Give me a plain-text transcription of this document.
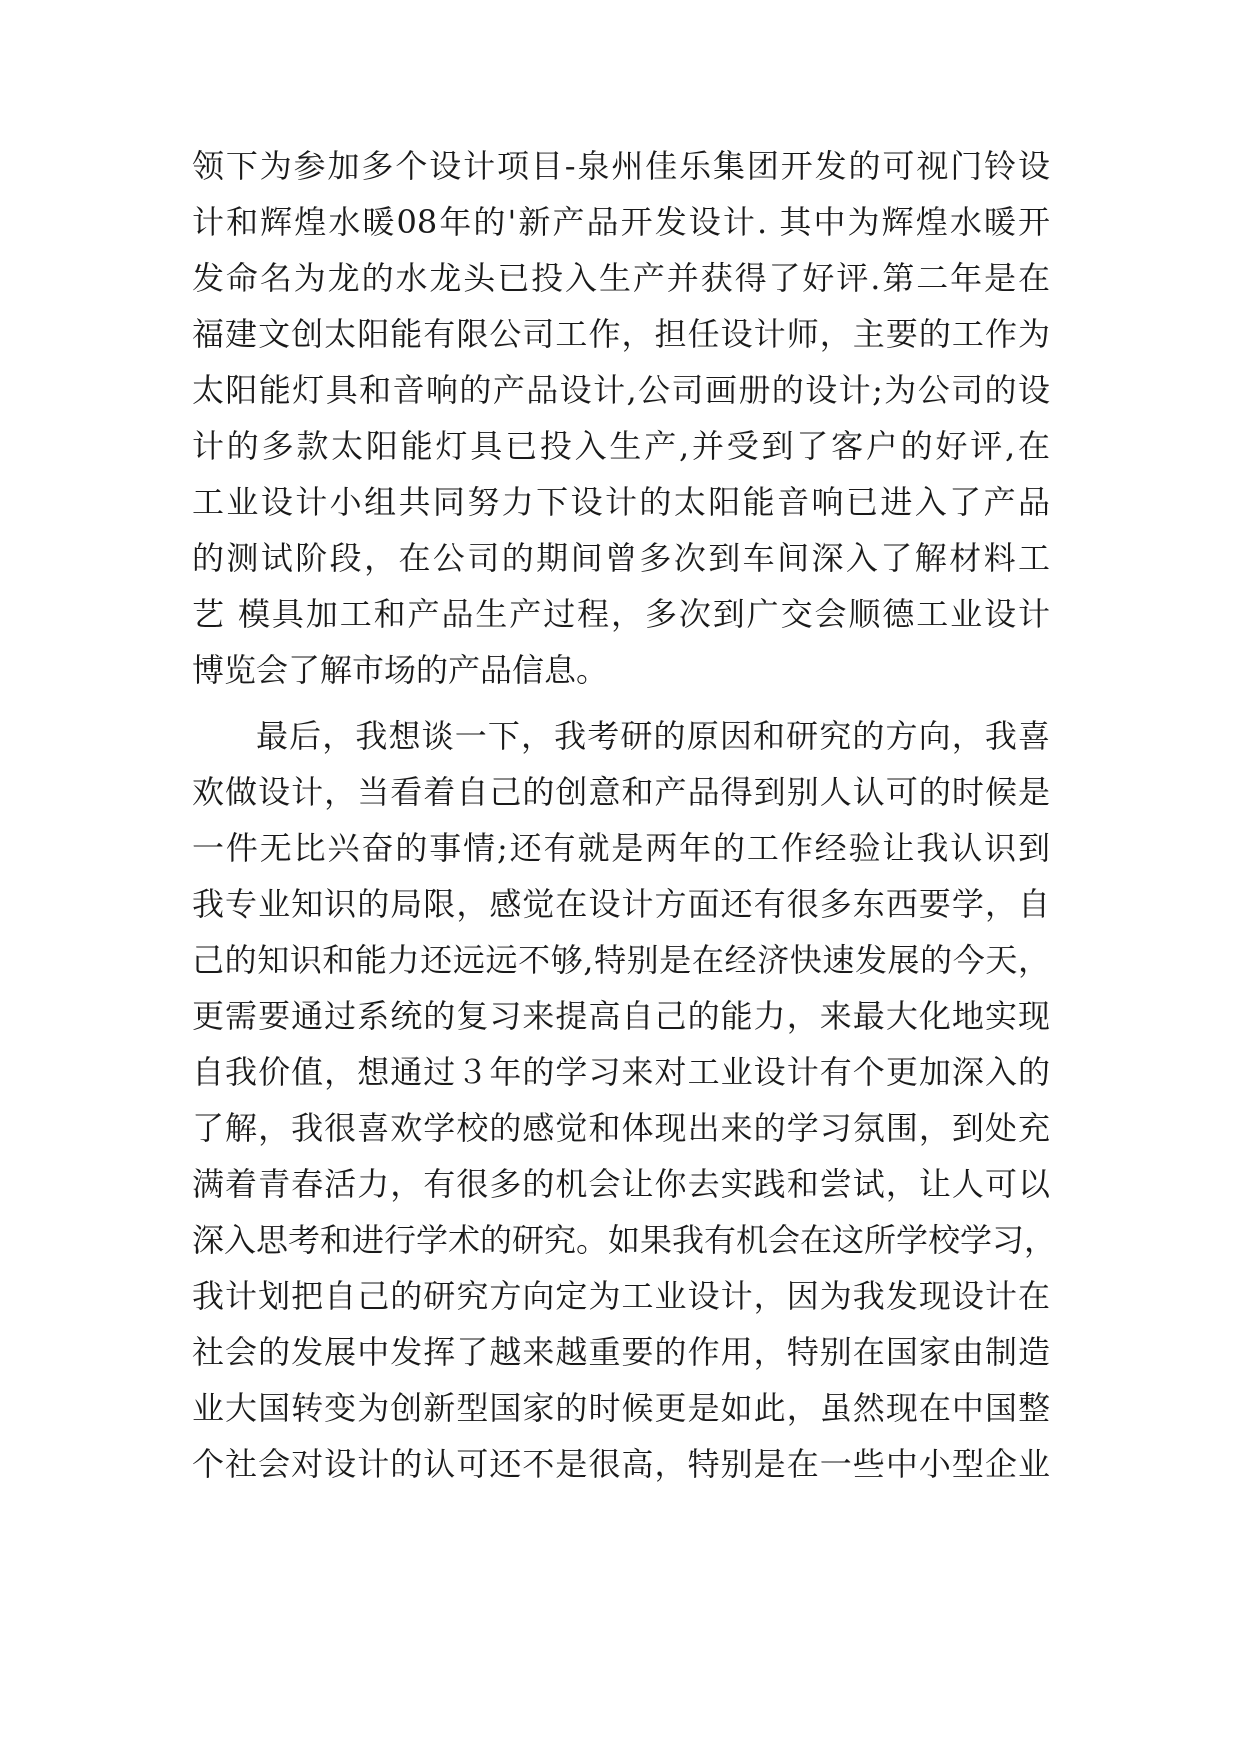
领下为参加多个设计项目-泉州佳乐集团开发的可视门铃设
计和辉煌水暖08年的'新产品开发设计. 其中为辉煌水暖开
发命名为龙的水龙头已投入生产并获得了好评.第二年是在
福建文创太阳能有限公司工作，担任设计师，主要的工作为
太阳能灯具和音响的产品设计,公司画册的设计;为公司的设
计的多款太阳能灯具已投入生产,并受到了客户的好评,在
工业设计小组共同努力下设计的太阳能音响已进入了产品
的测试阶段，在公司的期间曾多次到车间深入了解材料工
艺 模具加工和产品生产过程，多次到广交会顺德工业设计
博览会了解市场的产品信息。
最后，我想谈一下，我考研的原因和研究的方向，我喜
欢做设计，当看着自己的创意和产品得到别人认可的时候是
一件无比兴奋的事情;还有就是两年的工作经验让我认识到
我专业知识的局限，感觉在设计方面还有很多东西要学，自
己的知识和能力还远远不够,特别是在经济快速发展的今天，
更需要通过系统的复习来提高自己的能力，来最大化地实现
自我价值，想通过３年的学习来对工业设计有个更加深入的
了解，我很喜欢学校的感觉和体现出来的学习氛围，到处充
满着青春活力，有很多的机会让你去实践和尝试，让人可以
深入思考和进行学术的研究。如果我有机会在这所学校学习，
我计划把自己的研究方向定为工业设计，因为我发现设计在
社会的发展中发挥了越来越重要的作用，特别在国家由制造
业大国转变为创新型国家的时候更是如此，虽然现在中国整
个社会对设计的认可还不是很高，特别是在一些中小型企业
